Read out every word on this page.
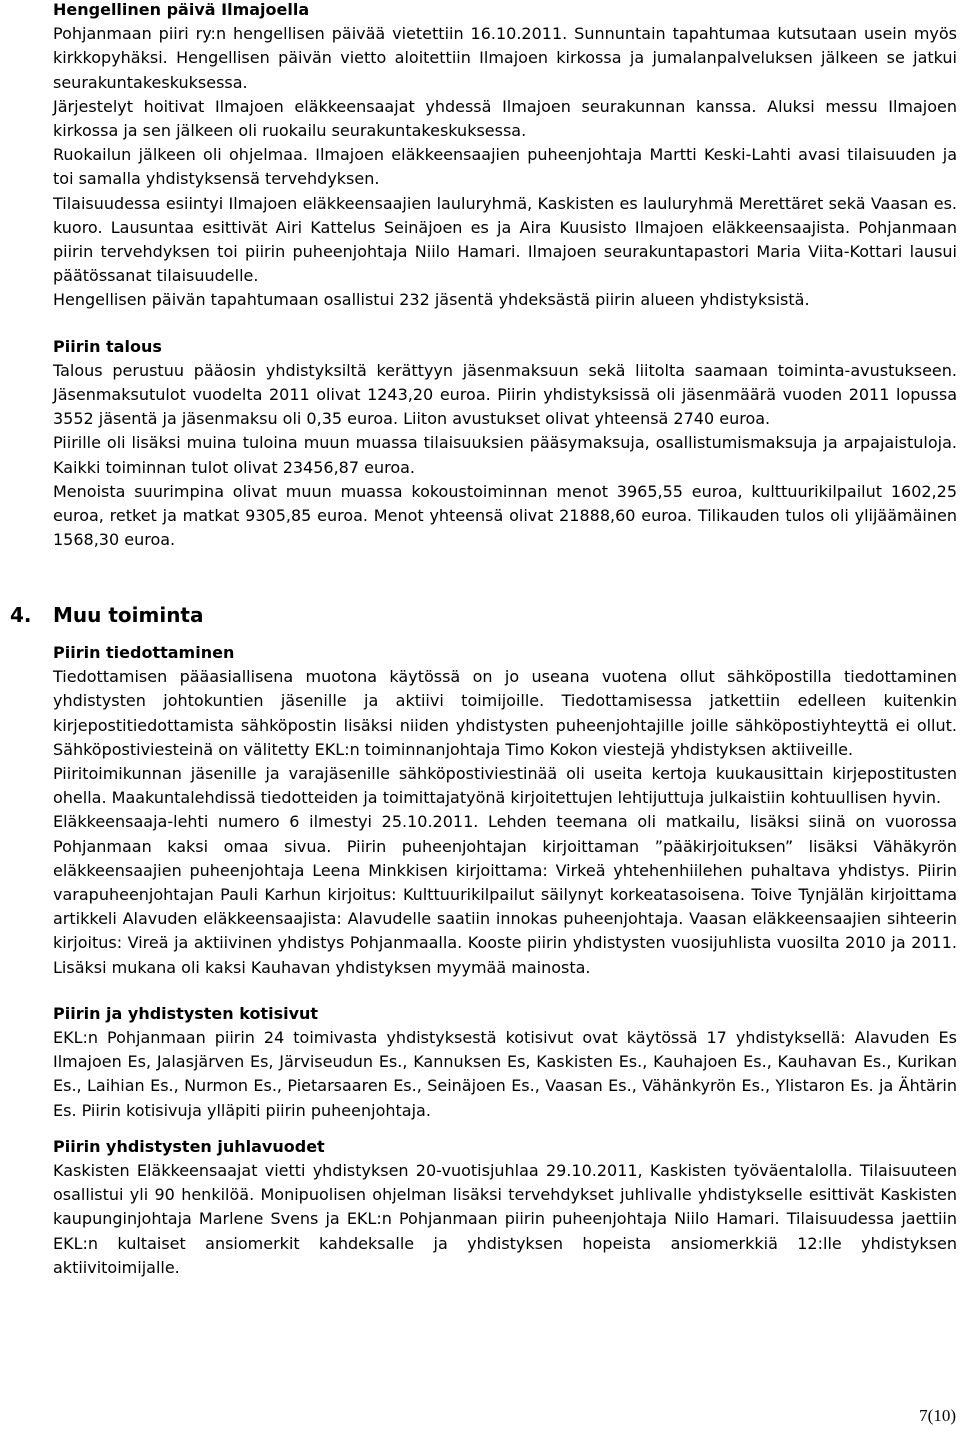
Hengellinen päivä Ilmajoella

Pohjanmaan piiri ry:n hengellisen päivää vietettiin 16.10.2011. Sunnuntain tapahtumaa kutsutaan usein myös kirkkopyhäksi. Hengellisen päivän vietto aloitettiin Ilmajoen kirkossa ja jumalanpalveluksen jälkeen se jatkui seurakuntakeskuksessa.

Järjestelyt hoitivat Ilmajoen eläkkeensaajat yhdessä Ilmajoen seurakunnan kanssa. Aluksi messu Ilmajoen kirkossa ja sen jälkeen oli ruokailu seurakuntakeskuksessa.

Ruokailun jälkeen oli ohjelmaa. Ilmajoen eläkkeensaajien puheenjohtaja Martti Keski-Lahti avasi tilaisuuden ja toi samalla yhdistyksensä tervehdyksen.

Tilaisuudessa esiintyi Ilmajoen eläkkeensaajien lauluryhmä, Kaskisten es lauluryhmä Merettäret sekä Vaasan es. kuoro. Lausuntaa esittivät Airi Kattelus Seinäjoen es ja Aira Kuusisto Ilmajoen eläkkeensaajista. Pohjanmaan piirin tervehdyksen toi piirin puheenjohtaja Niilo Hamari. Ilmajoen seurakuntapastori Maria Viita-Kottari lausui päätössanat tilaisuudelle.

Hengellisen päivän tapahtumaan osallistui 232 jäsentä yhdeksästä piirin alueen yhdistyksistä.

Piirin talous

Talous perustuu pääosin yhdistyksiltä kerättyyn jäsenmaksuun sekä liitolta saamaan toiminta-avustukseen. Jäsenmaksutulot vuodelta 2011 olivat 1243,20 euroa. Piirin yhdistyksissä oli jäsenmäärä vuoden 2011 lopussa 3552 jäsentä ja jäsenmaksu oli 0,35 euroa. Liiton avustukset olivat yhteensä 2740 euroa.

Piirille oli lisäksi muina tuloina muun muassa tilaisuuksien pääsymaksuja, osallistumismaksuja ja arpajaistuloja. Kaikki toiminnan tulot olivat 23456,87 euroa.

Menoista suurimpina olivat muun muassa kokoustoiminnan menot 3965,55 euroa, kulttuurikilpailut 1602,25 euroa, retket ja matkat 9305,85 euroa. Menot yhteensä olivat 21888,60 euroa. Tilikauden tulos oli ylijäämäinen 1568,30 euroa.

4. Muu toiminta

Piirin tiedottaminen

Tiedottamisen pääasiallisena muotona käytössä on jo useana vuotena ollut sähköpostilla tiedottaminen yhdistysten johtokuntien jäsenille ja aktiivi toimijoille. Tiedottamisessa jatkettiin edelleen kuitenkin kirjepostitiedottamista sähköpostin lisäksi niiden yhdistysten puheenjohtajille joille sähköpostiyhteyttä ei ollut. Sähköpostiviesteinä on välitetty EKL:n toiminnanjohtaja Timo Kokon viestejä yhdistyksen aktiiveille.

Piiritoimikunnan jäsenille ja varajäsenille sähköpostiviestinää oli useita kertoja kuukausittain kirjepostitusten ohella. Maakuntalehdissä tiedotteiden ja toimittajatyönä kirjoitettujen lehtijuttuja julkaistiin kohtuullisen hyvin.

Eläkkeensaaja-lehti numero 6 ilmestyi 25.10.2011. Lehden teemana oli matkailu, lisäksi siinä on vuorossa Pohjanmaan kaksi omaa sivua. Piirin puheenjohtajan kirjoittaman ”pääkirjoituksen” lisäksi Vähäkyrön eläkkeensaajien puheenjohtaja Leena Minkkisen kirjoittama: Virkeä yhtehenhiilehen puhaltava yhdistys. Piirin varapuheenjohtajan Pauli Karhun kirjoitus: Kulttuurikilpailut säilynyt korkeatasoisena. Toive Tynjälän kirjoittama artikkeli Alavuden eläkkeensaajista: Alavudelle saatiin innokas puheenjohtaja. Vaasan eläkkeensaajien sihteerin kirjoitus: Vireä ja aktiivinen yhdistys Pohjanmaalla. Kooste piirin yhdistysten vuosijuhlista vuosilta 2010 ja 2011. Lisäksi mukana oli kaksi Kauhavan yhdistyksen myymää mainosta.

Piirin ja yhdistysten kotisivut

EKL:n Pohjanmaan piirin 24 toimivasta yhdistyksestä kotisivut ovat käytössä 17 yhdistyksellä: Alavuden Es Ilmajoen Es, Jalasjärven Es, Järviseudun Es., Kannuksen Es, Kaskisten Es., Kauhajoen Es., Kauhavan Es., Kurikan Es., Laihian Es., Nurmon Es., Pietarsaaren Es., Seinäjoen Es., Vaasan Es., Vähänkyrön Es., Ylistaron Es. ja Ähtärin Es. Piirin kotisivuja ylläpiti piirin puheenjohtaja.

Piirin yhdistysten juhlavuodet

Kaskisten Eläkkeensaajat vietti yhdistyksen 20-vuotisjuhlaa 29.10.2011, Kaskisten työväentalolla. Tilaisuuteen osallistui yli 90 henkilöä. Monipuolisen ohjelman lisäksi tervehdykset juhlivalle yhdistykselle esittivät Kaskisten kaupunginjohtaja Marlene Svens ja EKL:n Pohjanmaan piirin puheenjohtaja Niilo Hamari. Tilaisuudessa jaettiin EKL:n kultaiset ansiomerkit kahdeksalle ja yhdistyksen hopeista ansiomerkkiä 12:lle yhdistyksen aktiivitoimijalle.

7(10)
